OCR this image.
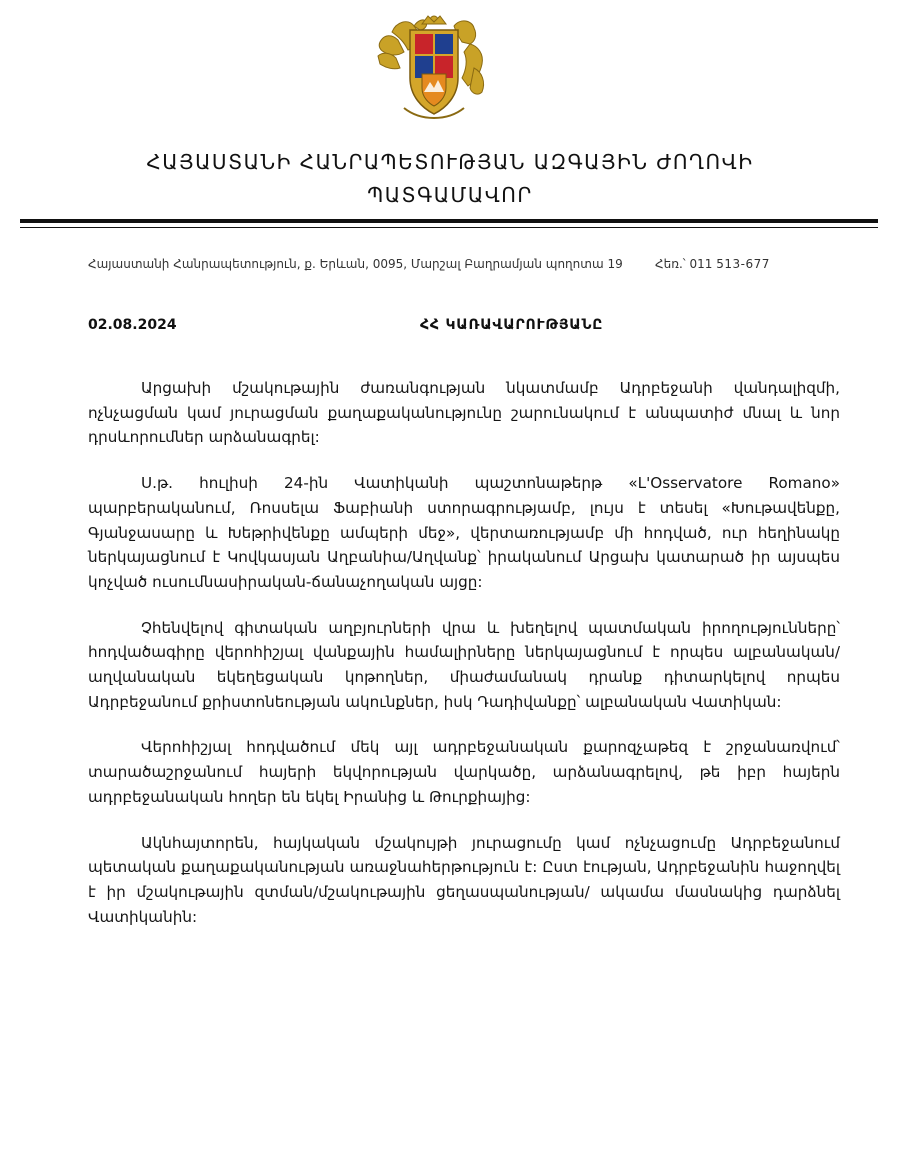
ՀԱՅԱՍՏԱՆԻ ՀԱՆՐԱՊԵՏՈՒԹՅԱՆ ԱԶԳԱՅԻՆ ԺՈՂՈՎԻ
ՊԱՏԳԱՄԱՎՈՐ
Հայաստանի Հանրապետություն, ք. Երևան, 0095, Մարշալ Բաղրամյան պողոտա 19	Հեռ.՝ 011 513-677
02.08.2024	ՀՀ ԿԱՌԱՎԱՐՈՒԹՅԱՆԸ

Արցախի մշակութային ժառանգության նկատմամբ Ադրբեջանի վանդալիզմի, ոչնչացման կամ յուրացման քաղաքականությունը շարունակում է անպատիժ մնալ և նոր դրսևորումներ արձանագրել:

Ս.թ. հուլիսի 24-ին Վատիկանի պաշտոնաթերթ «L'Osservatore Romano» պարբերականում, Ռոսսելա Ֆաբիանի ստորագրությամբ, լույս է տեսել «Խութավենքը, Գյանջասարը և Խեթրիվենքը ամպերի մեջ», վերտառությամբ մի հոդված, ուր հեղինակը ներկայացնում է Կովկասյան Աղբանիա/Աղվանք՝ իրականում Արցախ կատարած իր այսպես կոչված ուսումնասիրական-ճանաչողական այցը:

Չհենվելով գիտական աղբյուրների վրա և խեղելով պատմական իրողությունները՝ հոդվածագիրը վերոհիշյալ վանքային համալիրները ներկայացնում է որպես ալբանական/աղվանական եկեղեցական կոթողներ, միաժամանակ դրանք դիտարկելով որպես Ադրբեջանում քրիստոնեության ակունքներ, իսկ Դադիվանքը՝ ալբանական Վատիկան:

Վերոհիշյալ հոդվածում մեկ այլ ադրբեջանական քարոզչաթեզ է շրջանառվում՝ տարածաշրջանում հայերի եկվորության վարկածը, արձանագրելով, թե իբր հայերն ադրբեջանական հողեր են եկել Իրանից և Թուրքիայից:

Ակնհայտորեն, հայկական մշակույթի յուրացումը կամ ոչնչացումը Ադրբեջանում պետական քաղաքականության առաջնահերթություն է: Ըստ էության, Ադրբեջանին հաջողվել է իր մշակութային զտման/մշակութային ցեղասպանության/ ակամա մասնակից դարձնել Վատիկանին:
